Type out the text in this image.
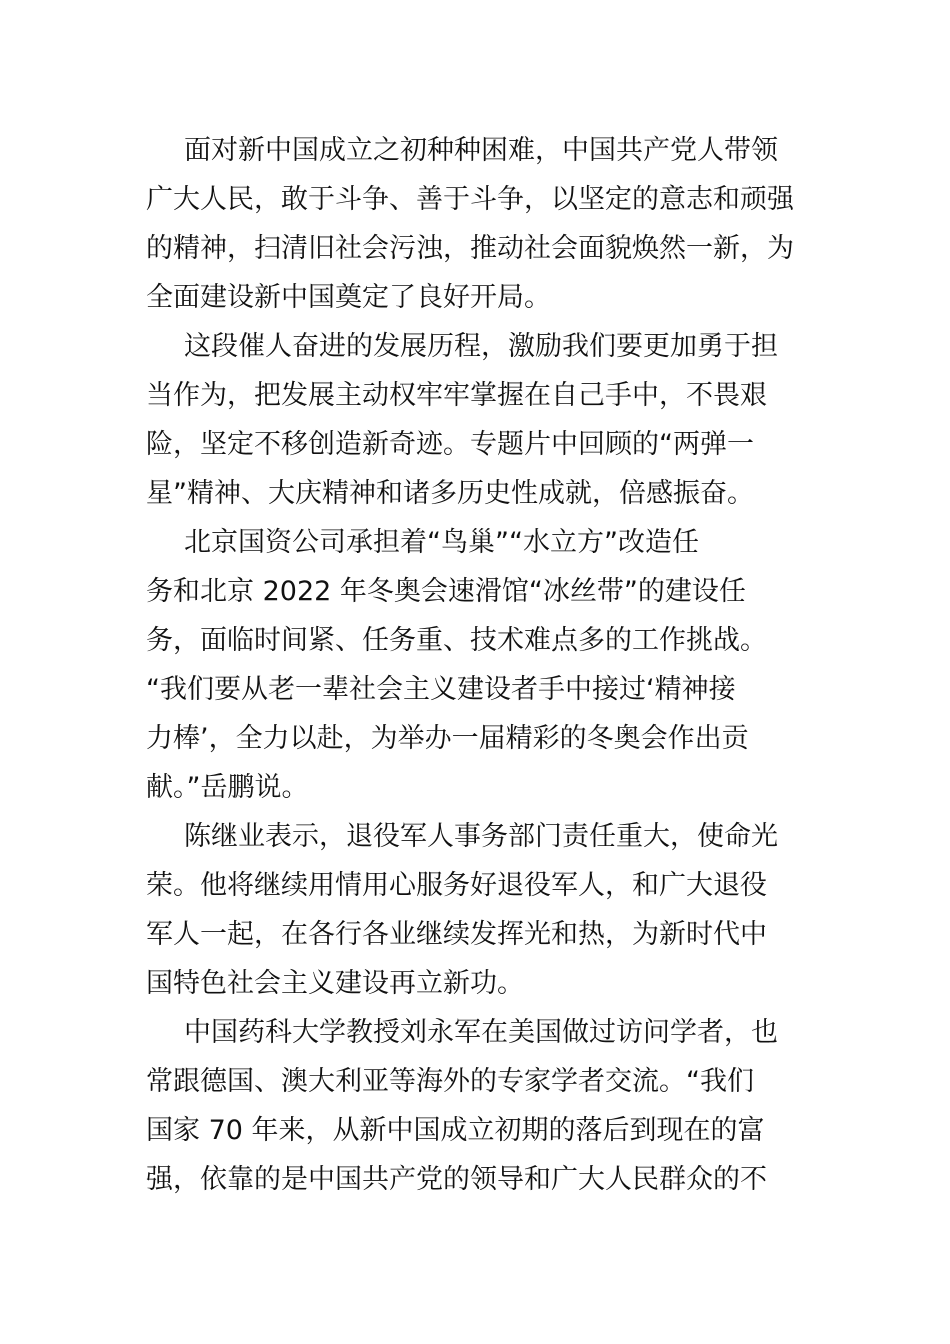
面对新中国成立之初种种困难，中国共产党人带领
广大人民，敢于斗争、善于斗争，以坚定的意志和顽强
的精神，扫清旧社会污浊，推动社会面貌焕然一新，为
全面建设新中国奠定了良好开局。
这段催人奋进的发展历程，激励我们要更加勇于担
当作为，把发展主动权牢牢掌握在自己手中，不畏艰
险，坚定不移创造新奇迹。专题片中回顾的“两弹一
星”精神、大庆精神和诸多历史性成就，倍感振奋。
北京国资公司承担着“鸟巢”“水立方”改造任
务和北京 2022 年冬奥会速滑馆“冰丝带”的建设任
务，面临时间紧、任务重、技术难点多的工作挑战。
“我们要从老一辈社会主义建设者手中接过‘精神接
力棒’，全力以赴，为举办一届精彩的冬奥会作出贡
献。”岳鹏说。
陈继业表示，退役军人事务部门责任重大，使命光
荣。他将继续用情用心服务好退役军人，和广大退役
军人一起，在各行各业继续发挥光和热，为新时代中
国特色社会主义建设再立新功。
中国药科大学教授刘永军在美国做过访问学者，也
常跟德国、澳大利亚等海外的专家学者交流。“我们
国家 70 年来，从新中国成立初期的落后到现在的富
强，依靠的是中国共产党的领导和广大人民群众的不
